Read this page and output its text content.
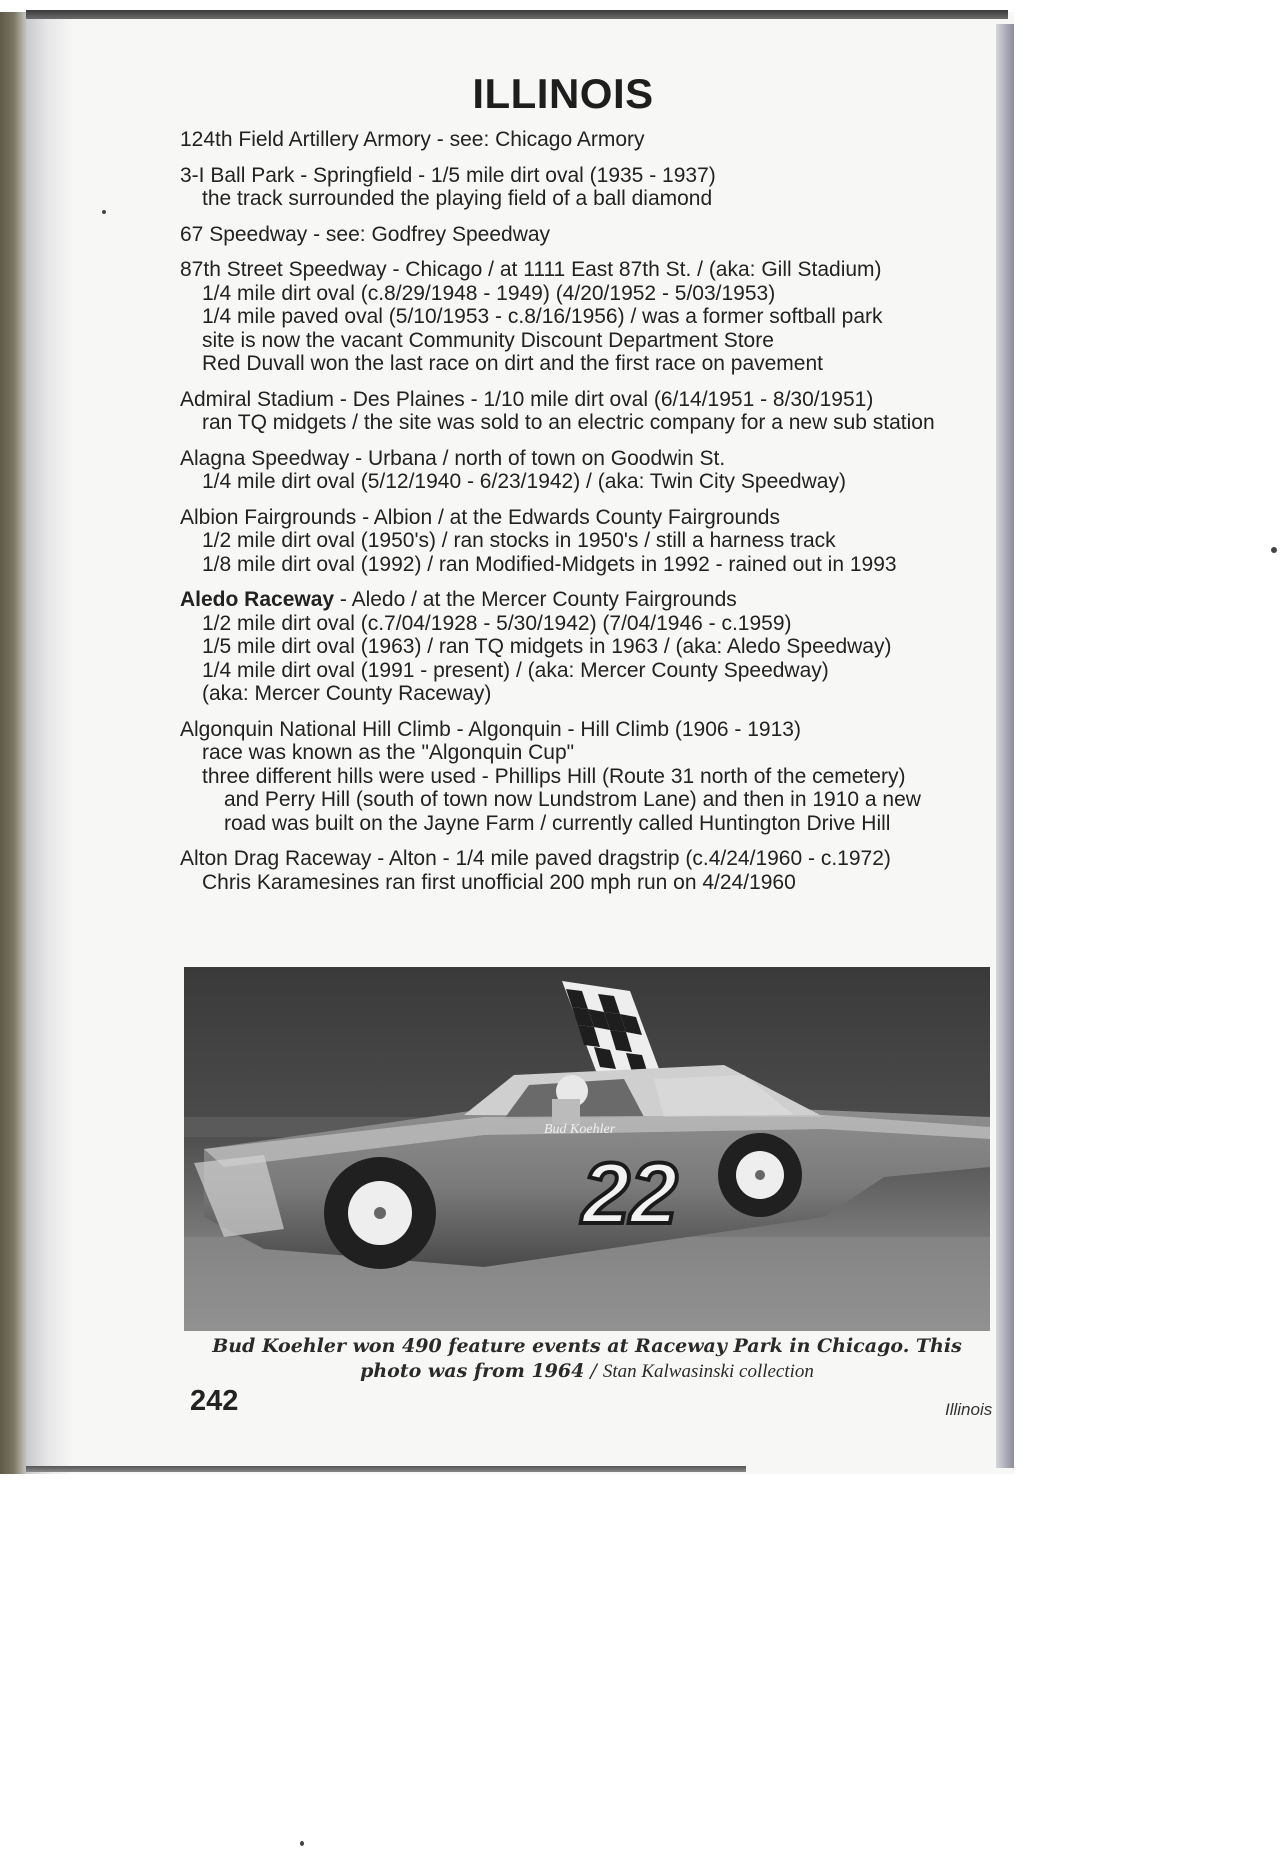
ILLINOIS
124th Field Artillery Armory - see: Chicago Armory
3-I Ball Park - Springfield - 1/5 mile dirt oval (1935 - 1937)
the track surrounded the playing field of a ball diamond
67 Speedway - see: Godfrey Speedway
87th Street Speedway - Chicago / at 1111 East 87th St. / (aka: Gill Stadium)
1/4 mile dirt oval (c.8/29/1948 - 1949) (4/20/1952 - 5/03/1953)
1/4 mile paved oval (5/10/1953 - c.8/16/1956) / was a former softball park
site is now the vacant Community Discount Department Store
Red Duvall won the last race on dirt and the first race on pavement
Admiral Stadium - Des Plaines - 1/10 mile dirt oval (6/14/1951 - 8/30/1951)
ran TQ midgets / the site was sold to an electric company for a new sub station
Alagna Speedway - Urbana / north of town on Goodwin St.
1/4 mile dirt oval (5/12/1940 - 6/23/1942) / (aka: Twin City Speedway)
Albion Fairgrounds - Albion / at the Edwards County Fairgrounds
1/2 mile dirt oval (1950's) / ran stocks in 1950's / still a harness track
1/8 mile dirt oval (1992) / ran Modified-Midgets in 1992 - rained out in 1993
Aledo Raceway - Aledo / at the Mercer County Fairgrounds
1/2 mile dirt oval (c.7/04/1928 - 5/30/1942) (7/04/1946 - c.1959)
1/5 mile dirt oval (1963) / ran TQ midgets in 1963 / (aka: Aledo Speedway)
1/4 mile dirt oval (1991 - present) / (aka: Mercer County Speedway)
(aka: Mercer County Raceway)
Algonquin National Hill Climb - Algonquin - Hill Climb (1906 - 1913)
race was known as the "Algonquin Cup"
three different hills were used - Phillips Hill (Route 31 north of the cemetery)
and Perry Hill (south of town now Lundstrom Lane) and then in 1910 a new
road was built on the Jayne Farm / currently called Huntington Drive Hill
Alton Drag Raceway - Alton - 1/4 mile paved dragstrip (c.4/24/1960 - c.1972)
Chris Karamesines ran first unofficial 200 mph run on 4/24/1960
22
Bud Koehler
Bud Koehler won 490 feature events at Raceway Park in Chicago. This photo was from 1964 / Stan Kalwasinski collection
242	Illinois
